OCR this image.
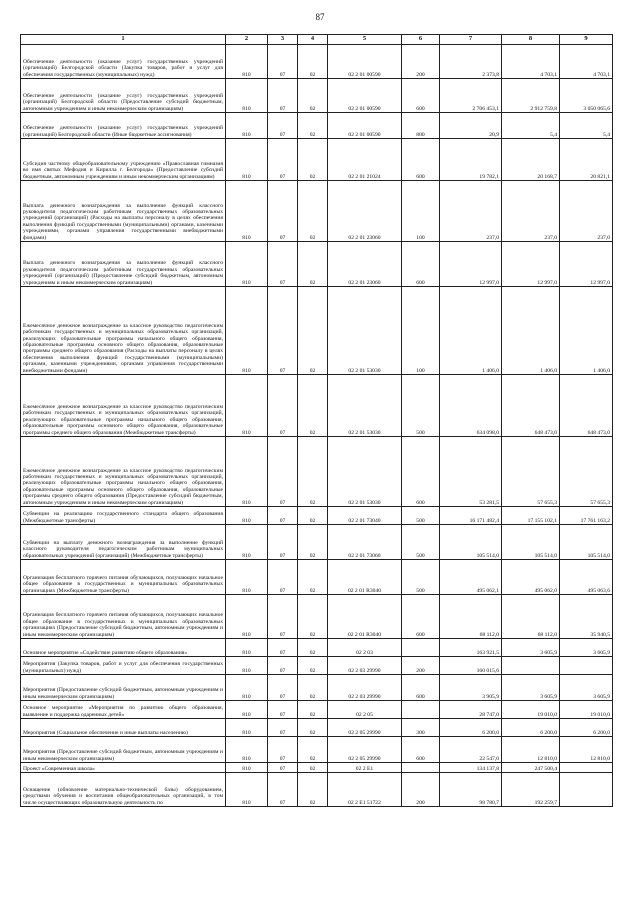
87
1	2	3	4	5	6	7	8	9
Обеспечение деятельности (оказание услуг) государственных учреждений (организаций) Белгородской области (Закупка товаров, работ и услуг для обеспечения государственных (муниципальных) нужд)	810	07	02	02 2 01 00590	200	2 373,8	4 703,1	4 703,1
Обеспечение деятельности (оказание услуг) государственных учреждений (организаций) Белгородской области (Предоставление субсидий бюджетным, автономным учреждениям и иным некоммерческим организациям)	810	07	02	02 2 01 00590	600	2 706 453,1	2 912 759,8	3 050 065,6
Обеспечение деятельности (оказание услуг) государственных учреждений (организаций) Белгородской области (Иные бюджетные ассигнования)	810	07	02	02 2 01 00590	800	20,9	5,4	5,4
Субсидия частному общеобразовательному учреждению «Православная гимназия во имя святых Мефодия и Кирилла г. Белгорода» (Предоставление субсидий бюджетным, автономным учреждениям и иным некоммерческим организациям)	810	07	02	02 2 01 21024	600	19 782,1	20 168,7	20 821,1
Выплата денежного вознаграждения за выполнение функций классного руководителя педагогическим работникам государственных образовательных учреждений (организаций) (Расходы на выплаты персоналу в целях обеспечения выполнения функций государственными (муниципальными) органами, казенными учреждениями, органами управления государственными внебюджетными фондами)	810	07	02	02 2 01 23060	100	237,0	237,0	237,0
Выплата денежного вознаграждения за выполнение функций классного руководителя педагогическим работникам государственных образовательных учреждений (организаций) (Предоставление субсидий бюджетным, автономным учреждениям и иным некоммерческим организациям)	810	07	02	02 2 01 23060	600	12 997,0	12 997,0	12 997,0
Ежемесячное денежное вознаграждение за классное руководство педагогическим работникам государственных и муниципальных образовательных организаций, реализующих образовательные программы начального общего образования, образовательные программы основного общего образования, образовательные программы среднего общего образования (Расходы на выплаты персоналу в целях обеспечения выполнения функций государственными (муниципальными) органами, казенными учреждениями, органами управления государственными внебюджетными фондами)	810	07	02	02 2 01 53030	100	1 406,0	1 406,0	1 406,0
Ежемесячное денежное вознаграждение за классное руководство педагогическим работникам государственных и муниципальных образовательных организаций, реализующих образовательные программы начального общего образования, образовательные программы основного общего образования, образовательные программы среднего общего образования (Межбюджетные трансферты)	810	07	02	02 2 01 53030	500	634 098,0	648 473,0	648 473,0
Ежемесячное денежное вознаграждение за классное руководство педагогическим работникам государственных и муниципальных образовательных организаций, реализующих образовательные программы начального общего образования, образовательные программы основного общего образования, образовательные программы среднего общего образования (Предоставление субсидий бюджетным, автономным учреждениям и иным некоммерческим организациям)	810	07	02	02 2 01 53030	600	53 281,5	57 655,3	57 655,3
Субвенции на реализацию государственного стандарта общего образования (Межбюджетные трансферты)	810	07	02	02 2 01 73040	500	16 171 482,4	17 155 102,1	17 761 163,2
Субвенции на выплату денежного вознаграждения за выполнение функций классного руководителя педагогическим работникам муниципальных образовательных учреждений (организаций) (Межбюджетные трансферты)	810	07	02	02 2 01 73060	500	105 514,0	105 514,0	105 514,0
Организация бесплатного горячего питания обучающихся, получающих начальное общее образование в государственных и муниципальных образовательных организациях (Межбюджетные трансферты)	810	07	02	02 2 01 R3040	500	495 062,1	495 062,0	495 063,6
Организация бесплатного горячего питания обучающихся, получающих начальное общее образование в государственных и муниципальных образовательных организациях (Предоставление субсидий бюджетным, автономным учреждениям и иным некоммерческим организациям)	810	07	02	02 2 01 R3040	600	68 112,0	68 112,0	35 940,5
Основное мероприятие «Содействие развитию общего образования»	810	07	02	02 2 03		163 921,5	3 605,9	3 605,9
Мероприятия (Закупка товаров, работ и услуг для обеспечения государственных (муниципальных) нужд)	810	07	02	02 2 03 29990	200	160 015,6		
Мероприятия (Предоставление субсидий бюджетным, автономным учреждениям и иным некоммерческим организациям)	810	07	02	02 2 03 29990	600	3 905,9	3 605,9	3 605,9
Основное мероприятие «Мероприятия по развитию общего образования, выявление и поддержка одаренных детей»	810	07	02	02 2 05		28 747,0	19 010,0	19 010,0
Мероприятия (Социальное обеспечение и иные выплаты населению)	810	07	02	02 2 05 29990	300	6 200,0	6 200,0	6 200,0
Мероприятия (Предоставление субсидий бюджетным, автономным учреждениям и иным некоммерческим организациям)	810	07	02	02 2 05 29990	600	22 547,0	12 810,0	12 810,0
Проект «Современная школа»	810	07	02	02 2 E1		134 137,8	247 500,4	
Оснащение (обновление материально-технической базы) оборудованием, средствами обучения и воспитания общеобразовательных организаций, в том числе осуществляющих образовательную деятельность по	810	07	02	02 2 E1 51722	200	98 780,7	192 259,7	
